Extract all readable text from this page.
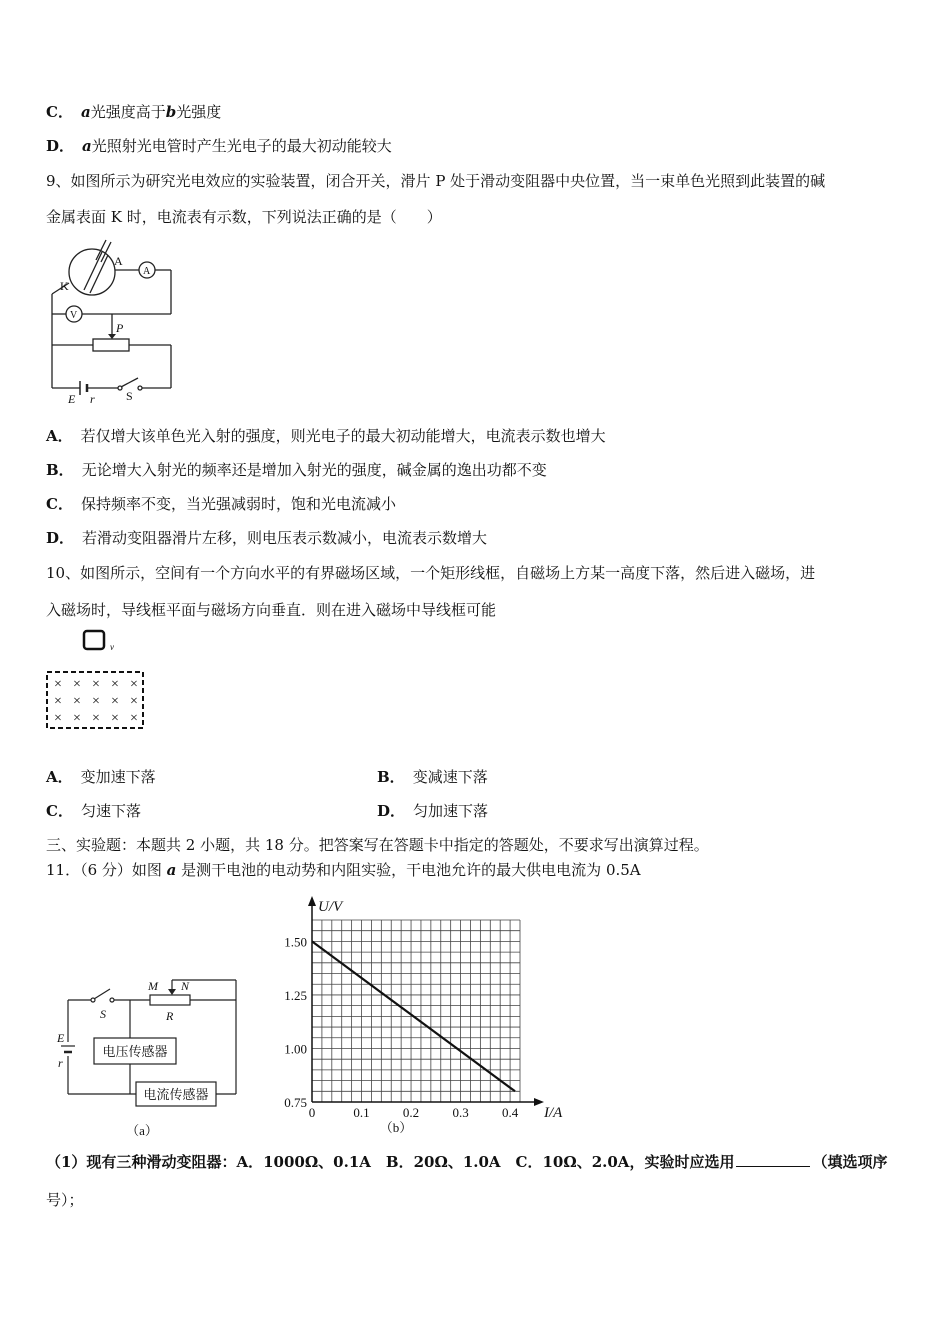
C． a光强度高于b光强度
D． a光照射光电管时产生光电子的最大初动能较大
9、如图所示为研究光电效应的实验装置，闭合开关，滑片 P 处于滑动变阻器中央位置，当一束单色光照到此装置的碱
金属表面 K 时，电流表有示数，下列说法正确的是（　　）
A
A
K
V
P
E r	S
A． 若仅增大该单色光入射的强度，则光电子的最大初动能增大，电流表示数也增大
B． 无论增大入射光的频率还是增加入射光的强度，碱金属的逸出功都不变
C． 保持频率不变，当光强减弱时，饱和光电流减小
D． 若滑动变阻器滑片左移，则电压表示数减小，电流表示数增大
10、如图所示，空间有一个方向水平的有界磁场区域，一个矩形线框，自磁场上方某一高度下落，然后进入磁场，进
入磁场时，导线框平面与磁场方向垂直．则在进入磁场中导线框可能
v
× × × × ×
× × × × ×
× × × × ×
A． 变加速下落	B． 变减速下落
C． 匀速下落	D． 匀加速下落
三、实验题：本题共 2 小题，共 18 分。把答案写在答题卡中指定的答题处，不要求写出演算过程。
11．（6 分）如图 a 是测干电池的电动势和内阻实验，干电池允许的最大供电电流为 0.5A
M N
S	R
E
r
电压传感器
电流传感器
（a）
0	0.1	0.2	0.3	0.4
0.75
1.00
1.25
1.50
U/V
I/A
（b）
（1）现有三种滑动变阻器：A．1000Ω、0.1A　B．20Ω、1.0A　C．10Ω、2.0A，实验时应选用	（填选项序
号）；
